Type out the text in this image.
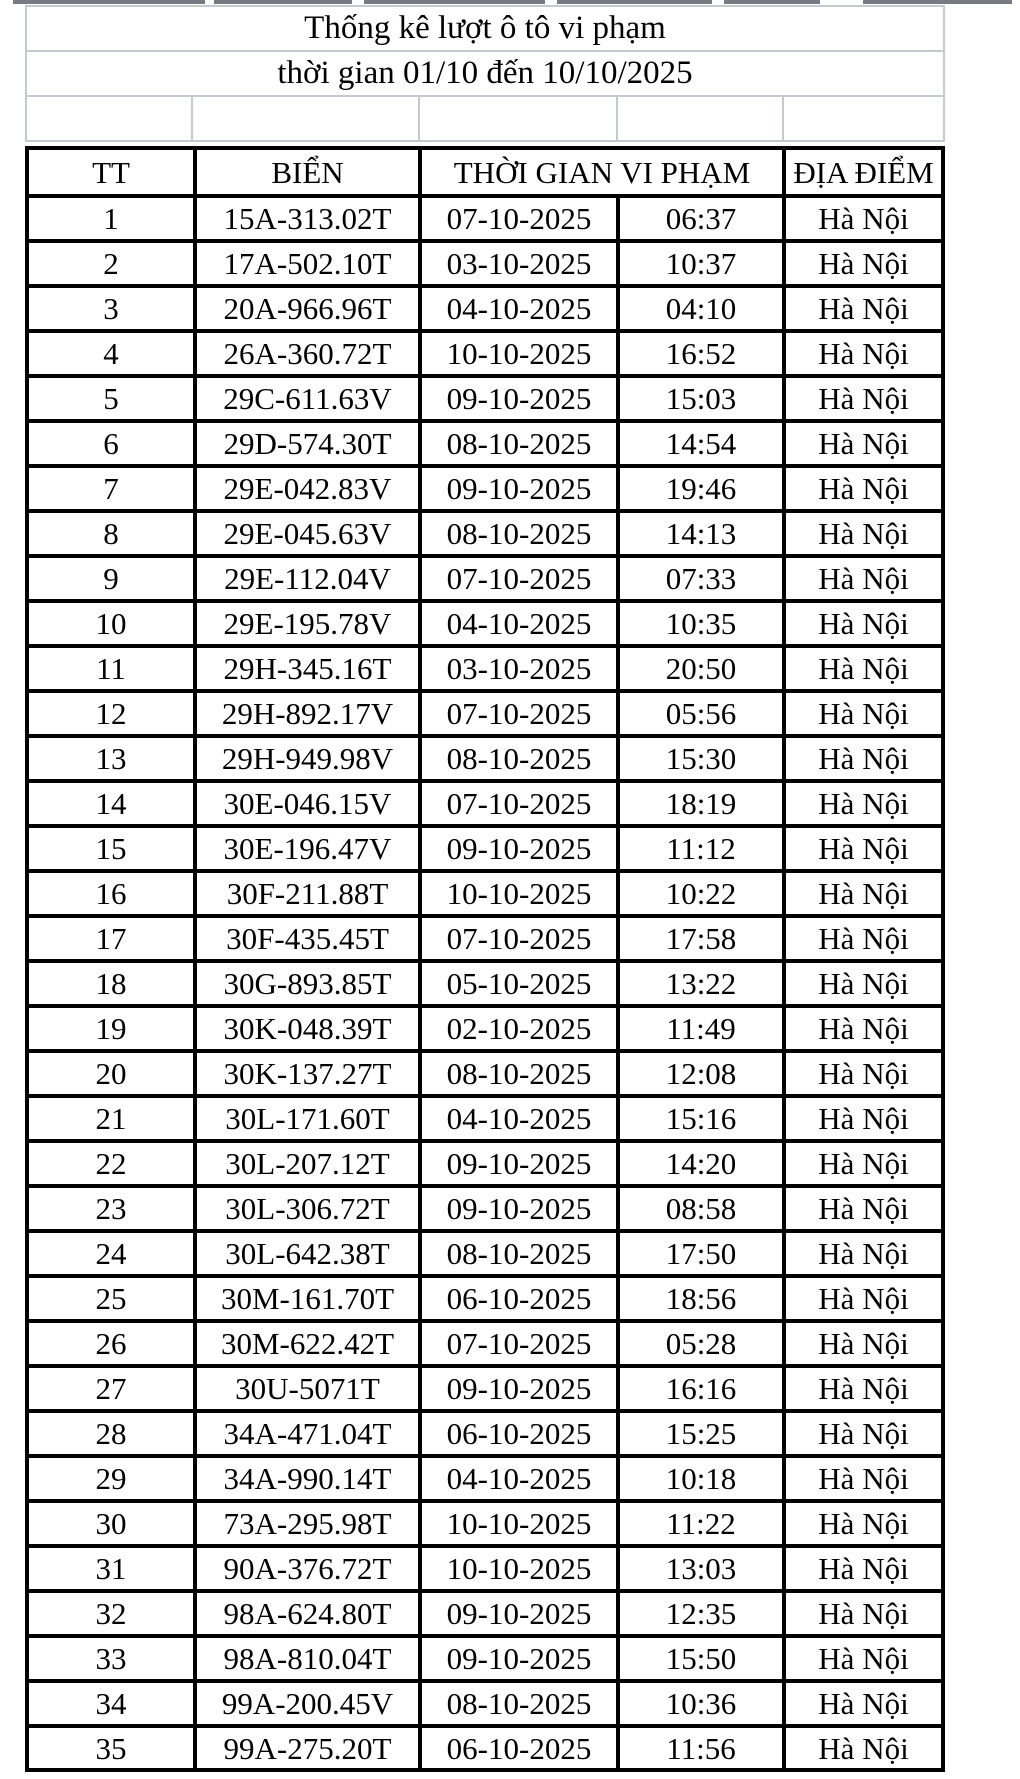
Thống kê lượt ô tô vi phạm
thời gian 01/10 đến 10/10/2025
TT	BIỂN	THỜI GIAN VI PHẠM	ĐỊA ĐIỂM
1	15A-313.02T	07-10-2025	06:37	Hà Nội
2	17A-502.10T	03-10-2025	10:37	Hà Nội
3	20A-966.96T	04-10-2025	04:10	Hà Nội
4	26A-360.72T	10-10-2025	16:52	Hà Nội
5	29C-611.63V	09-10-2025	15:03	Hà Nội
6	29D-574.30T	08-10-2025	14:54	Hà Nội
7	29E-042.83V	09-10-2025	19:46	Hà Nội
8	29E-045.63V	08-10-2025	14:13	Hà Nội
9	29E-112.04V	07-10-2025	07:33	Hà Nội
10	29E-195.78V	04-10-2025	10:35	Hà Nội
11	29H-345.16T	03-10-2025	20:50	Hà Nội
12	29H-892.17V	07-10-2025	05:56	Hà Nội
13	29H-949.98V	08-10-2025	15:30	Hà Nội
14	30E-046.15V	07-10-2025	18:19	Hà Nội
15	30E-196.47V	09-10-2025	11:12	Hà Nội
16	30F-211.88T	10-10-2025	10:22	Hà Nội
17	30F-435.45T	07-10-2025	17:58	Hà Nội
18	30G-893.85T	05-10-2025	13:22	Hà Nội
19	30K-048.39T	02-10-2025	11:49	Hà Nội
20	30K-137.27T	08-10-2025	12:08	Hà Nội
21	30L-171.60T	04-10-2025	15:16	Hà Nội
22	30L-207.12T	09-10-2025	14:20	Hà Nội
23	30L-306.72T	09-10-2025	08:58	Hà Nội
24	30L-642.38T	08-10-2025	17:50	Hà Nội
25	30M-161.70T	06-10-2025	18:56	Hà Nội
26	30M-622.42T	07-10-2025	05:28	Hà Nội
27	30U-5071T	09-10-2025	16:16	Hà Nội
28	34A-471.04T	06-10-2025	15:25	Hà Nội
29	34A-990.14T	04-10-2025	10:18	Hà Nội
30	73A-295.98T	10-10-2025	11:22	Hà Nội
31	90A-376.72T	10-10-2025	13:03	Hà Nội
32	98A-624.80T	09-10-2025	12:35	Hà Nội
33	98A-810.04T	09-10-2025	15:50	Hà Nội
34	99A-200.45V	08-10-2025	10:36	Hà Nội
35	99A-275.20T	06-10-2025	11:56	Hà Nội
